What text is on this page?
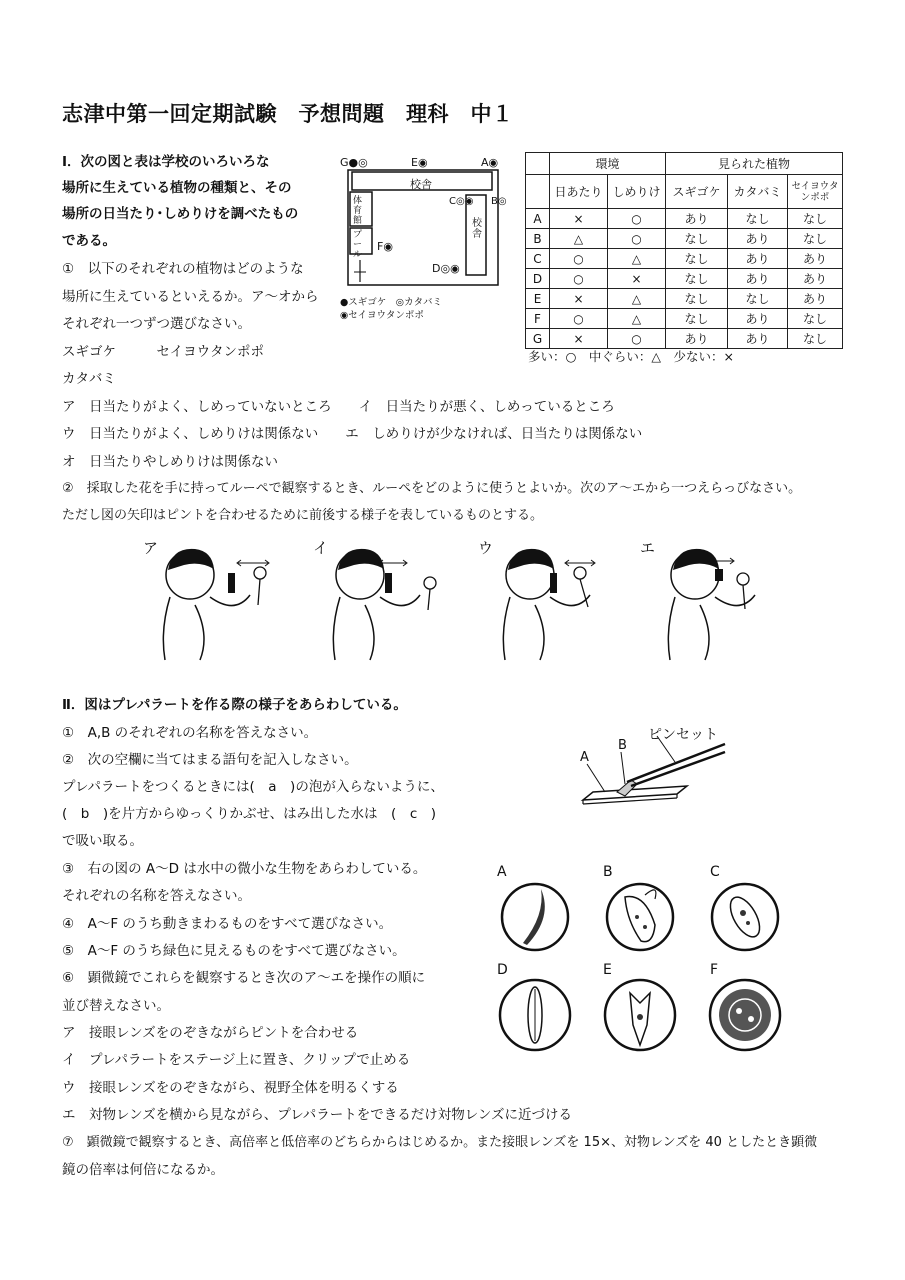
志津中第一回定期試験　予想問題　理科　中１
Ⅰ．次の図と表は学校のいろいろな
場所に生えている植物の種類と、その
場所の日当たり･しめりけを調べたもの
である。
①　以下のそれぞれの植物はどのような
場所に生えているといえるか。ア～オから
それぞれ一つずつ選びなさい。
スギゴケ　　　セイヨウタンポポ
カタバミ
ア　日当たりがよく、しめっていないところ　　イ　日当たりが悪く、しめっているところ
ウ　日当たりがよく、しめりけは関係ない　　エ　しめりけが少なければ、日当たりは関係ない
オ　日当たりやしめりけは関係ない
②　採取した花を手に持ってルーペで観察するとき、ルーペをどのように使うとよいか。次のア～エから一つえらっびなさい。
ただし図の矢印はピントを合わせるために前後する様子を表しているものとする。
G●◎	E◉	A◉
校舎
体育館
プール
校舎
C◎◉ B◎
F◉
D◎◉
●スギゴケ　◎カタバミ
◉セイヨウタンポポ
	環境		見られた植物		
	日あたり	しめりけ	スギゴケ	カタバミ	セイヨウタンポポ
A	×	○	あり	なし	なし
B	△	○	なし	あり	なし
C	○	△	なし	あり	あり
D	○	×	なし	あり	あり
E	×	△	なし	なし	あり
F	○	△	なし	あり	なし
G	×	○	あり	あり	なし
多い：○　中ぐらい：△　少ない：×
ア	イ	ウ	エ
Ⅱ．図はプレパラートを作る際の様子をあらわしている。
①　A,B のそれぞれの名称を答えなさい。
②　次の空欄に当てはまる語句を記入しなさい。
プレパラートをつくるときには(　a　)の泡が入らないように、
(　b　)を片方からゆっくりかぶせ、はみ出した水は　(　c　)
で吸い取る。
③　右の図の A～D は水中の微小な生物をあらわしている。
それぞれの名称を答えなさい。
④　A～F のうち動きまわるものをすべて選びなさい。
⑤　A～F のうち緑色に見えるものをすべて選びなさい。
⑥　顕微鏡でこれらを観察するとき次のア～エを操作の順に
並び替えなさい。
ア　接眼レンズをのぞきながらピントを合わせる
イ　プレパラートをステージ上に置き、クリップで止める
ウ　接眼レンズをのぞきながら、視野全体を明るくする
エ　対物レンズを横から見ながら、プレパラートをできるだけ対物レンズに近づける
⑦　顕微鏡で観察するとき、高倍率と低倍率のどちらからはじめるか。また接眼レンズを 15×、対物レンズを 40 としたとき顕微
鏡の倍率は何倍になるか。
A
B
ピンセット
A	B	C
D	E	F
